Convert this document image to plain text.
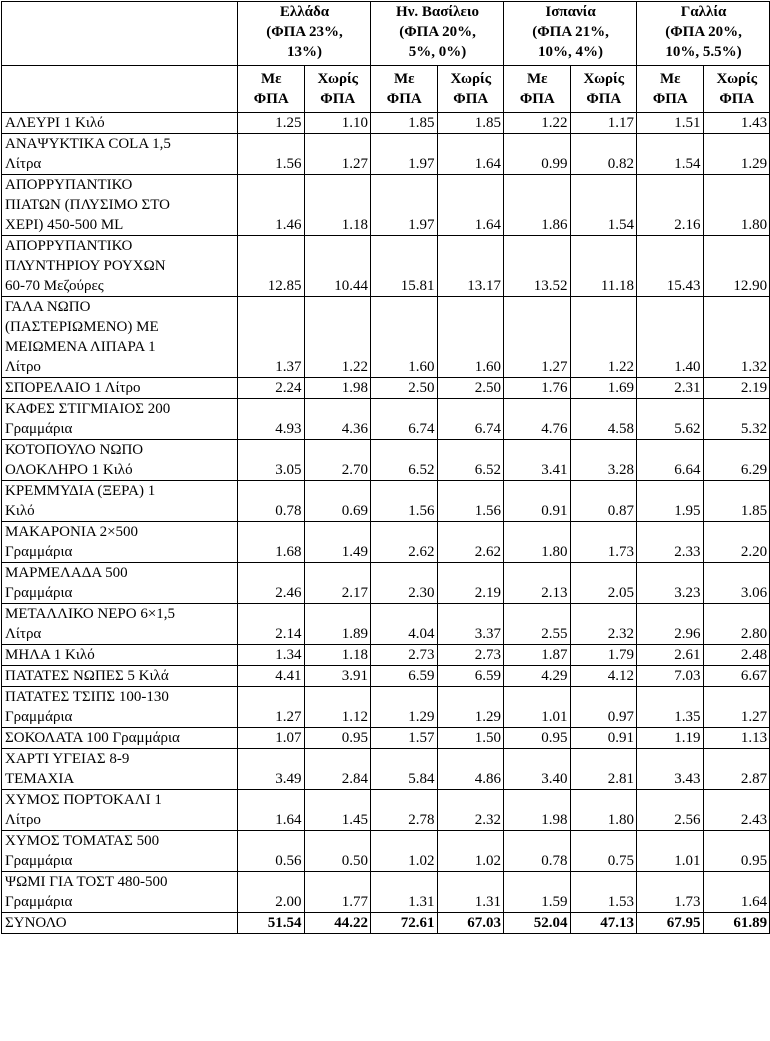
	Ελλάδα
(ΦΠΑ 23%,
13%)		Ην. Βασίλειο
(ΦΠΑ 20%,
5%, 0%)		Ισπανία
(ΦΠΑ 21%,
10%, 4%)		Γαλλία
(ΦΠΑ 20%,
10%, 5.5%)	

	Με
ΦΠΑ	Χωρίς
ΦΠΑ	Με
ΦΠΑ	Χωρίς
ΦΠΑ	Με
ΦΠΑ	Χωρίς
ΦΠΑ	Με
ΦΠΑ	Χωρίς
ΦΠΑ

ΑΛΕΥΡΙ 1 Κιλό	1.25	1.10	1.85	1.85	1.22	1.17	1.51	1.43

ΑΝΑΨΥΚΤΙΚΑ COLA 1,5
Λίτρα	1.56	1.27	1.97	1.64	0.99	0.82	1.54	1.29

ΑΠΟΡΡΥΠΑΝΤΙΚΟ
ΠΙΑΤΩΝ (ΠΛΥΣΙΜΟ ΣΤΟ
ΧΕΡΙ) 450-500 ML	1.46	1.18	1.97	1.64	1.86	1.54	2.16	1.80

ΑΠΟΡΡΥΠΑΝΤΙΚΟ
ΠΛΥΝΤΗΡΙΟΥ ΡΟΥΧΩΝ
60-70 Μεζούρες	12.85	10.44	15.81	13.17	13.52	11.18	15.43	12.90

ΓΑΛΑ ΝΩΠΟ
(ΠΑΣΤΕΡΙΩΜΕΝΟ) ΜΕ
ΜΕΙΩΜΕΝΑ ΛΙΠΑΡΑ 1
Λίτρο	1.37	1.22	1.60	1.60	1.27	1.22	1.40	1.32

ΣΠΟΡΕΛΑΙΟ 1 Λίτρο	2.24	1.98	2.50	2.50	1.76	1.69	2.31	2.19

ΚΑΦΕΣ ΣΤΙΓΜΙΑΙΟΣ 200
Γραμμάρια	4.93	4.36	6.74	6.74	4.76	4.58	5.62	5.32

ΚΟΤΟΠΟΥΛΟ ΝΩΠΟ
ΟΛΟΚΛΗΡΟ 1 Κιλό	3.05	2.70	6.52	6.52	3.41	3.28	6.64	6.29

ΚΡΕΜΜΥΔΙΑ (ΞΕΡΑ) 1
Κιλό	0.78	0.69	1.56	1.56	0.91	0.87	1.95	1.85

ΜΑΚΑΡΟΝΙΑ 2×500
Γραμμάρια	1.68	1.49	2.62	2.62	1.80	1.73	2.33	2.20

ΜΑΡΜΕΛΑΔΑ 500
Γραμμάρια	2.46	2.17	2.30	2.19	2.13	2.05	3.23	3.06

ΜΕΤΑΛΛΙΚΟ ΝΕΡΟ 6×1,5
Λίτρα	2.14	1.89	4.04	3.37	2.55	2.32	2.96	2.80

ΜΗΛΑ 1 Κιλό	1.34	1.18	2.73	2.73	1.87	1.79	2.61	2.48

ΠΑΤΑΤΕΣ ΝΩΠΕΣ 5 Κιλά	4.41	3.91	6.59	6.59	4.29	4.12	7.03	6.67

ΠΑΤΑΤΕΣ ΤΣΙΠΣ 100-130
Γραμμάρια	1.27	1.12	1.29	1.29	1.01	0.97	1.35	1.27

ΣΟΚΟΛΑΤΑ 100 Γραμμάρια	1.07	0.95	1.57	1.50	0.95	0.91	1.19	1.13

ΧΑΡΤΙ ΥΓΕΙΑΣ 8-9
ΤΕΜΑΧΙΑ	3.49	2.84	5.84	4.86	3.40	2.81	3.43	2.87

ΧΥΜΟΣ ΠΟΡΤΟΚΑΛΙ 1
Λίτρο	1.64	1.45	2.78	2.32	1.98	1.80	2.56	2.43

ΧΥΜΟΣ ΤΟΜΑΤΑΣ 500
Γραμμάρια	0.56	0.50	1.02	1.02	0.78	0.75	1.01	0.95

ΨΩΜΙ ΓΙΑ ΤΟΣΤ 480-500
Γραμμάρια	2.00	1.77	1.31	1.31	1.59	1.53	1.73	1.64
ΣΥΝΟΛΟ	51.54	44.22	72.61	67.03	52.04	47.13	67.95	61.89
